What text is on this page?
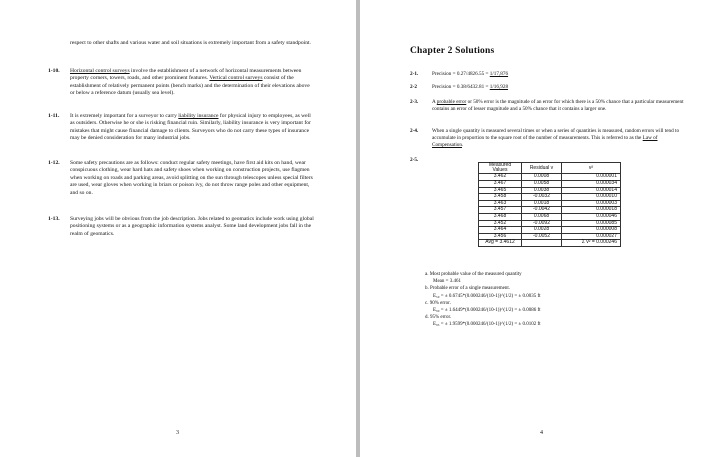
respect to other shafts and various water and soil situations is extremely important from a safety standpoint.
1-10.	Horizontal control surveys involve the establishment of a network of horizontal measurements between property corners, towers, roads, and other prominent features. Vertical control surveys consist of the establishment of relatively permanent points (bench marks) and the determination of their elevations above or below a reference datum (usually sea level).
1-11.	It is extremely important for a surveyor to carry liability insurance for physical injury to employees, as well as outsiders. Otherwise he or she is risking financial ruin. Similarly, liability insurance is very important for mistakes that might cause financial damage to clients. Surveyors who do not carry these types of insurance may be denied consideration for many industrial jobs.
1-12.	Some safety precautions are as follows: conduct regular safety meetings, have first aid kits on hand, wear conspicuous clothing, wear hard hats and safety shoes when working on construction projects, use flagmen when working on roads and parking areas, avoid splitting on the sun through telescopes unless special filters are used, wear gloves when working in briars or poison ivy, do not throw range poles and other equipment, and so on.
1-13.	Surveying jobs will be obvious from the job description. Jobs related to geomatics include work using global positioning systems or as a geographic information systems analyst. Some land development jobs fall in the realm of geomatics.
3
Chapter 2 Solutions
2-1.	Precision = 0.27/4826.55 = 1/17,876
2-2	Precision = 0.38/6432.81 = 1/16,928
2-3.	A probable error or 50% error is the magnitude of an error for which there is a 50% chance that a particular measurement contains an error of lesser magnitude and a 50% chance that it contains a larger one.
2-4.	When a single quantity is measured several times or when a series of quantities is measured, random errors will tend to accumulate in proportion to the square root of the number of measurements. This is referred to as the Law of Compensation.
2-5.
Measured Values	Residual v	v²
3.462	0.0008	0.000001
3.467	0.0058	0.000034
3.465	0.0038	0.000014
3.458	-0.0032	0.000010
3.463	0.0018	0.000003
3.457	-0.0042	0.000018
3.468	0.0068	0.000046
3.452	-0.0092	0.000085
3.464	0.0028	0.000008
3.456	-0.0052	0.000027
Avg = 3.4612		Σ v² = 0.000246
a. Most probable value of the measured quantity
Mean = 3.461
b. Probable error of a single measurement.
E₅₀ = ± 0.6745*(0.000246/(10-1))^(1/2) = ± 0.0035 ft
c. 90% error.
E₉₀ = ± 1.6449*(0.000246/(10-1))^(1/2) = ± 0.0086 ft
d. 95% error.
E₉₅ = ± 1.9599*(0.000246/(10-1))^(1/2) = ± 0.0102 ft
4
